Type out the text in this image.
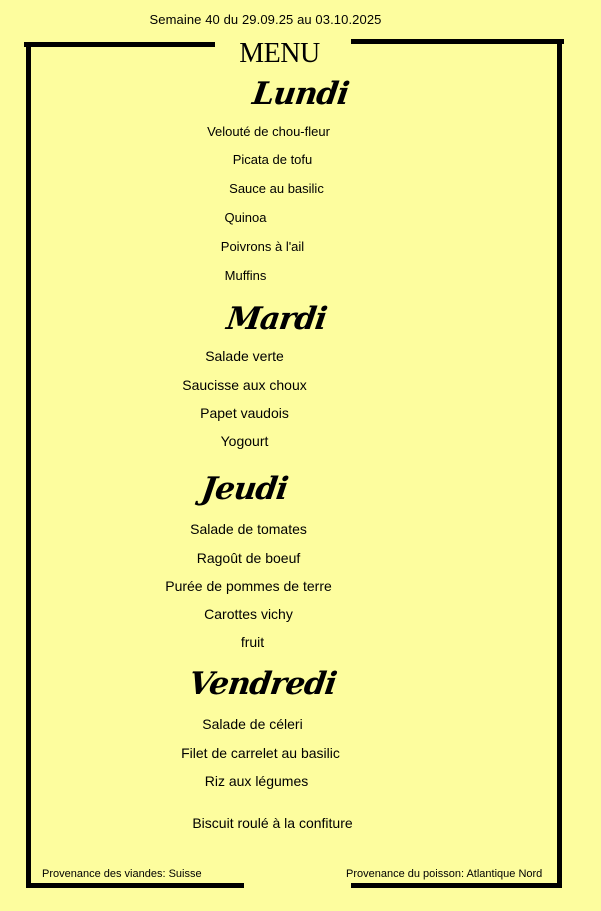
Semaine 40 du 29.09.25 au 03.10.2025
MENU
Lundi
Velouté de chou-fleur
Picata de tofu
Sauce au basilic
Quinoa
Poivrons à l'ail
Muffins
Mardi
Salade verte
Saucisse aux choux
Papet vaudois
Yogourt
Jeudi
Salade de tomates
Ragoût de boeuf
Purée de pommes de terre
Carottes vichy
fruit
Vendredi
Salade de céleri
Filet de carrelet au basilic
Riz aux légumes
Biscuit roulé à la confiture
Provenance des viandes: Suisse	Provenance du poisson: Atlantique Nord
